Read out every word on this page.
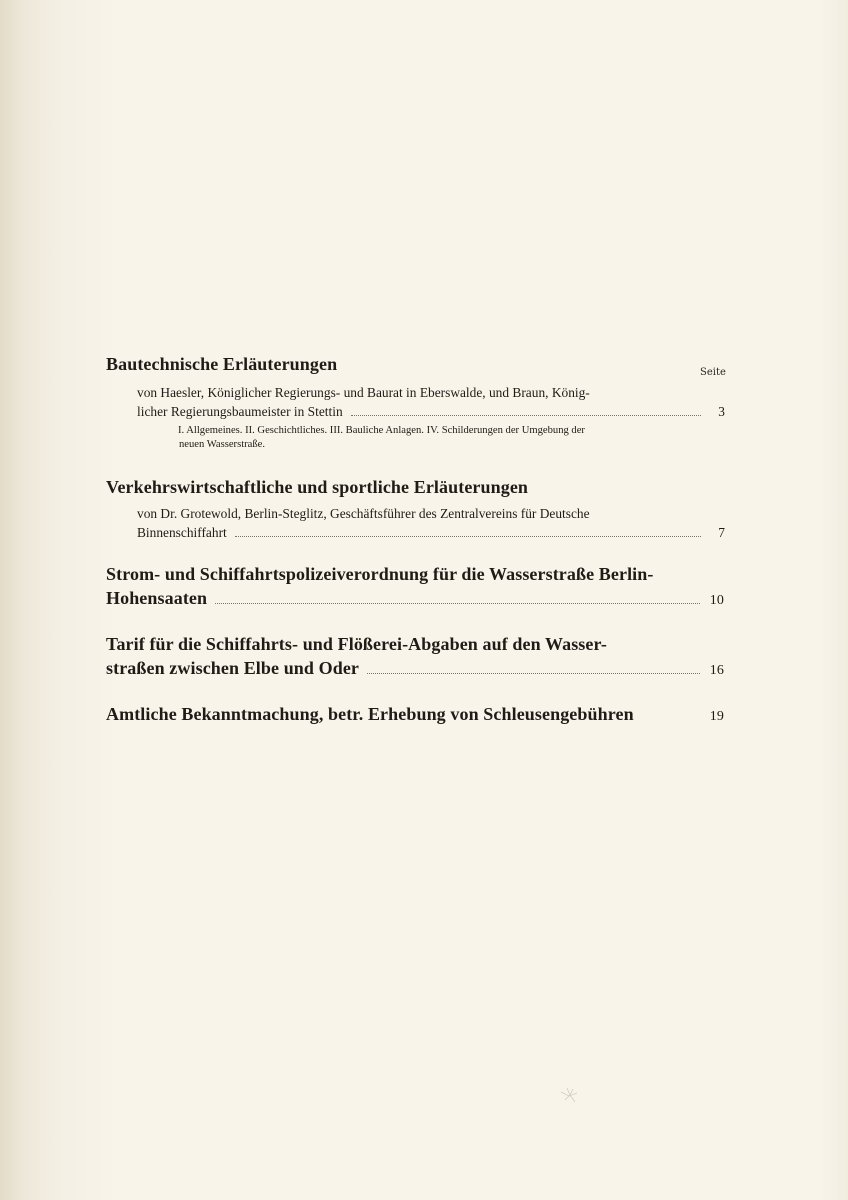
Seite
Bautechnische Erläuterungen
von Haesler, Königlicher Regierungs- und Baurat in Eberswalde, und Braun, König-
licher Regierungsbaumeister in Stettin	3
I. Allgemeines. II. Geschichtliches. III. Bauliche Anlagen. IV. Schilderungen der Umgebung der
neuen Wasserstraße.
Verkehrswirtschaftliche und sportliche Erläuterungen
von Dr. Grotewold, Berlin-Steglitz, Geschäftsführer des Zentralvereins für Deutsche
Binnenschiffahrt	7
Strom- und Schiffahrtspolizeiverordnung für die Wasserstraße Berlin-
Hohensaaten	10
Tarif für die Schiffahrts- und Flößerei-Abgaben auf den Wasser-
straßen zwischen Elbe und Oder	16
Amtliche Bekanntmachung, betr. Erhebung von Schleusengebühren	19
